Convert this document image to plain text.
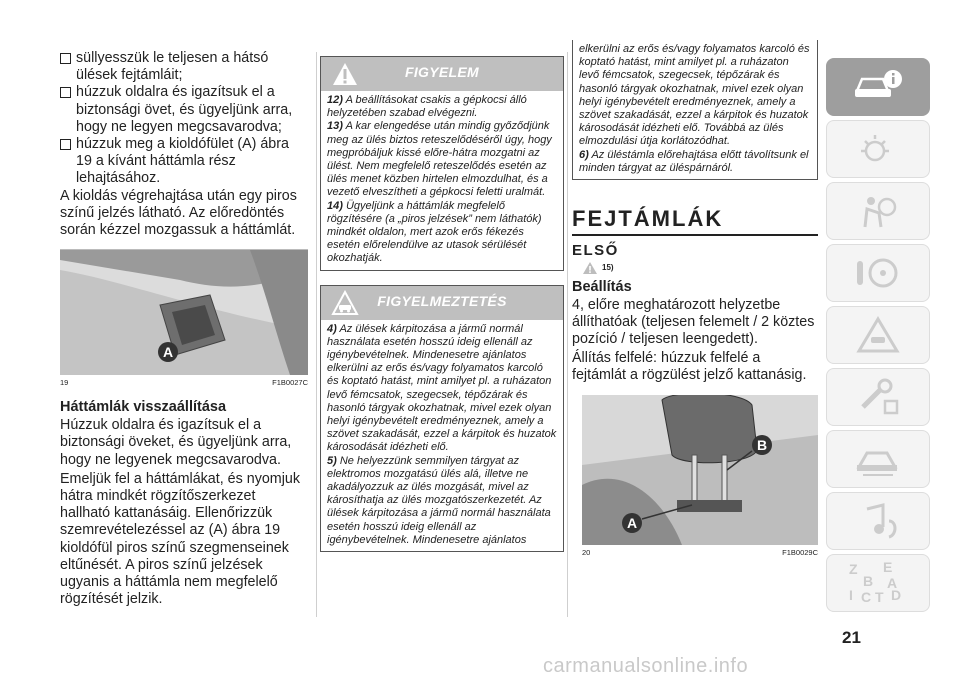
süllyesszük le teljesen a hátsó ülések fejtámláit;

húzzuk oldalra és igazítsuk el a biztonsági övet, és ügyeljünk arra, hogy ne legyen megcsavarodva;

húzzuk meg a kioldófület (A) ábra 19 a kívánt háttámla rész lehajtásához.

A kioldás végrehajtása után egy piros színű jelzés látható. Az előredöntés során kézzel mozgassuk a háttámlát.

A
19	F1B0027C
Háttámlák visszaállítása

Húzzuk oldalra és igazítsuk el a biztonsági öveket, és ügyeljünk arra, hogy ne legyenek megcsavarodva.

Emeljük fel a háttámlákat, és nyomjuk hátra mindkét rögzítőszerkezet hallható kattanásáig. Ellenőrizzük szemrevételezéssel az (A) ábra 19 kioldófül piros színű szegmenseinek eltűnését. A piros színű jelzések ugyanis a háttámla nem megfelelő rögzítését jelzik.

FIGYELEM
12) A beállításokat csakis a gépkocsi álló helyzetében szabad elvégezni.
13) A kar elengedése után mindig győződjünk meg az ülés biztos reteszelődéséről úgy, hogy megpróbáljuk kissé előre-hátra mozgatni az ülést. Nem megfelelő reteszelődés esetén az ülés menet közben hirtelen elmozdulhat, és a vezető elveszítheti a gépkocsi feletti uralmát.
14) Ügyeljünk a háttámlák megfelelő rögzítésére (a „piros jelzések” nem láthatók) mindkét oldalon, mert azok erős fékezés esetén előrelendülve az utasok sérülését okozhatják.
FIGYELMEZTETÉS
4) Az ülések kárpitozása a jármű normál használata esetén hosszú ideig ellenáll az igénybevételnek. Mindenesetre ajánlatos elkerülni az erős és/vagy folyamatos karcoló és koptató hatást, mint amilyet pl. a ruházaton levő fémcsatok, szegecsek, tépőzárak és hasonló tárgyak okozhatnak, mivel ezek olyan helyi igénybevételt eredményeznek, amely a szövet szakadását, ezzel a kárpitok és huzatok károsodását idézheti elő.
5) Ne helyezzünk semmilyen tárgyat az elektromos mozgatású ülés alá, illetve ne akadályozzuk az ülés mozgását, mivel az károsíthatja az ülés mozgatószerkezetét. Az ülések kárpitozása a jármű normál használata esetén hosszú ideig ellenáll az igénybevételnek. Mindenesetre ajánlatos
elkerülni az erős és/vagy folyamatos karcoló és koptató hatást, mint amilyet pl. a ruházaton levő fémcsatok, szegecsek, tépőzárak és hasonló tárgyak okozhatnak, mivel ezek olyan helyi igénybevételt eredményeznek, amely a szövet szakadását, ezzel a kárpitok és huzatok károsodását idézheti elő. Továbbá az ülés elmozdulási útja korlátozódhat.
6) Az üléstámla előrehajtása előtt távolítsunk el minden tárgyat az üléspárnáról.
FEJTÁMLÁK
ELSŐ
15)
Beállítás

4, előre meghatározott helyzetbe állíthatóak (teljesen felemelt / 2 köztes pozíció / teljesen leengedett).

Állítás felfelé: húzzuk felfelé a fejtámlát a rögzülést jelző kattanásig.

A
B
20	F1B0029C
Z E
B A
I C T D
21
carmanualsonline.info
